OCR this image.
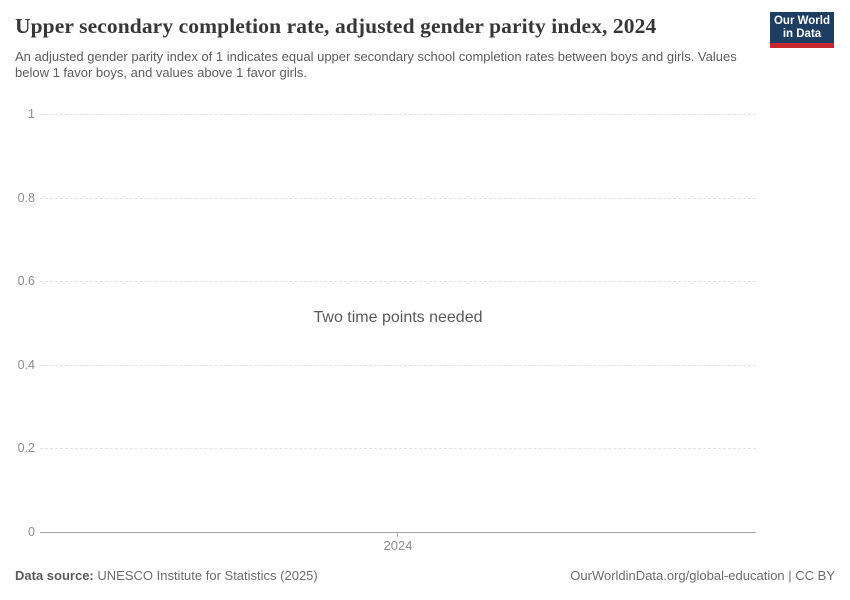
Upper secondary completion rate, adjusted gender parity index, 2024	Our World
in Data

An adjusted gender parity index of 1 indicates equal upper secondary school completion rates between boys and girls. Values below 1 favor boys, and values above 1 favor girls.

1
0.8
0.6
0.4
0.2
0
2024
Two time points needed
Data source: UNESCO Institute for Statistics (2025)	OurWorldinData.org/global-education | CC BY
